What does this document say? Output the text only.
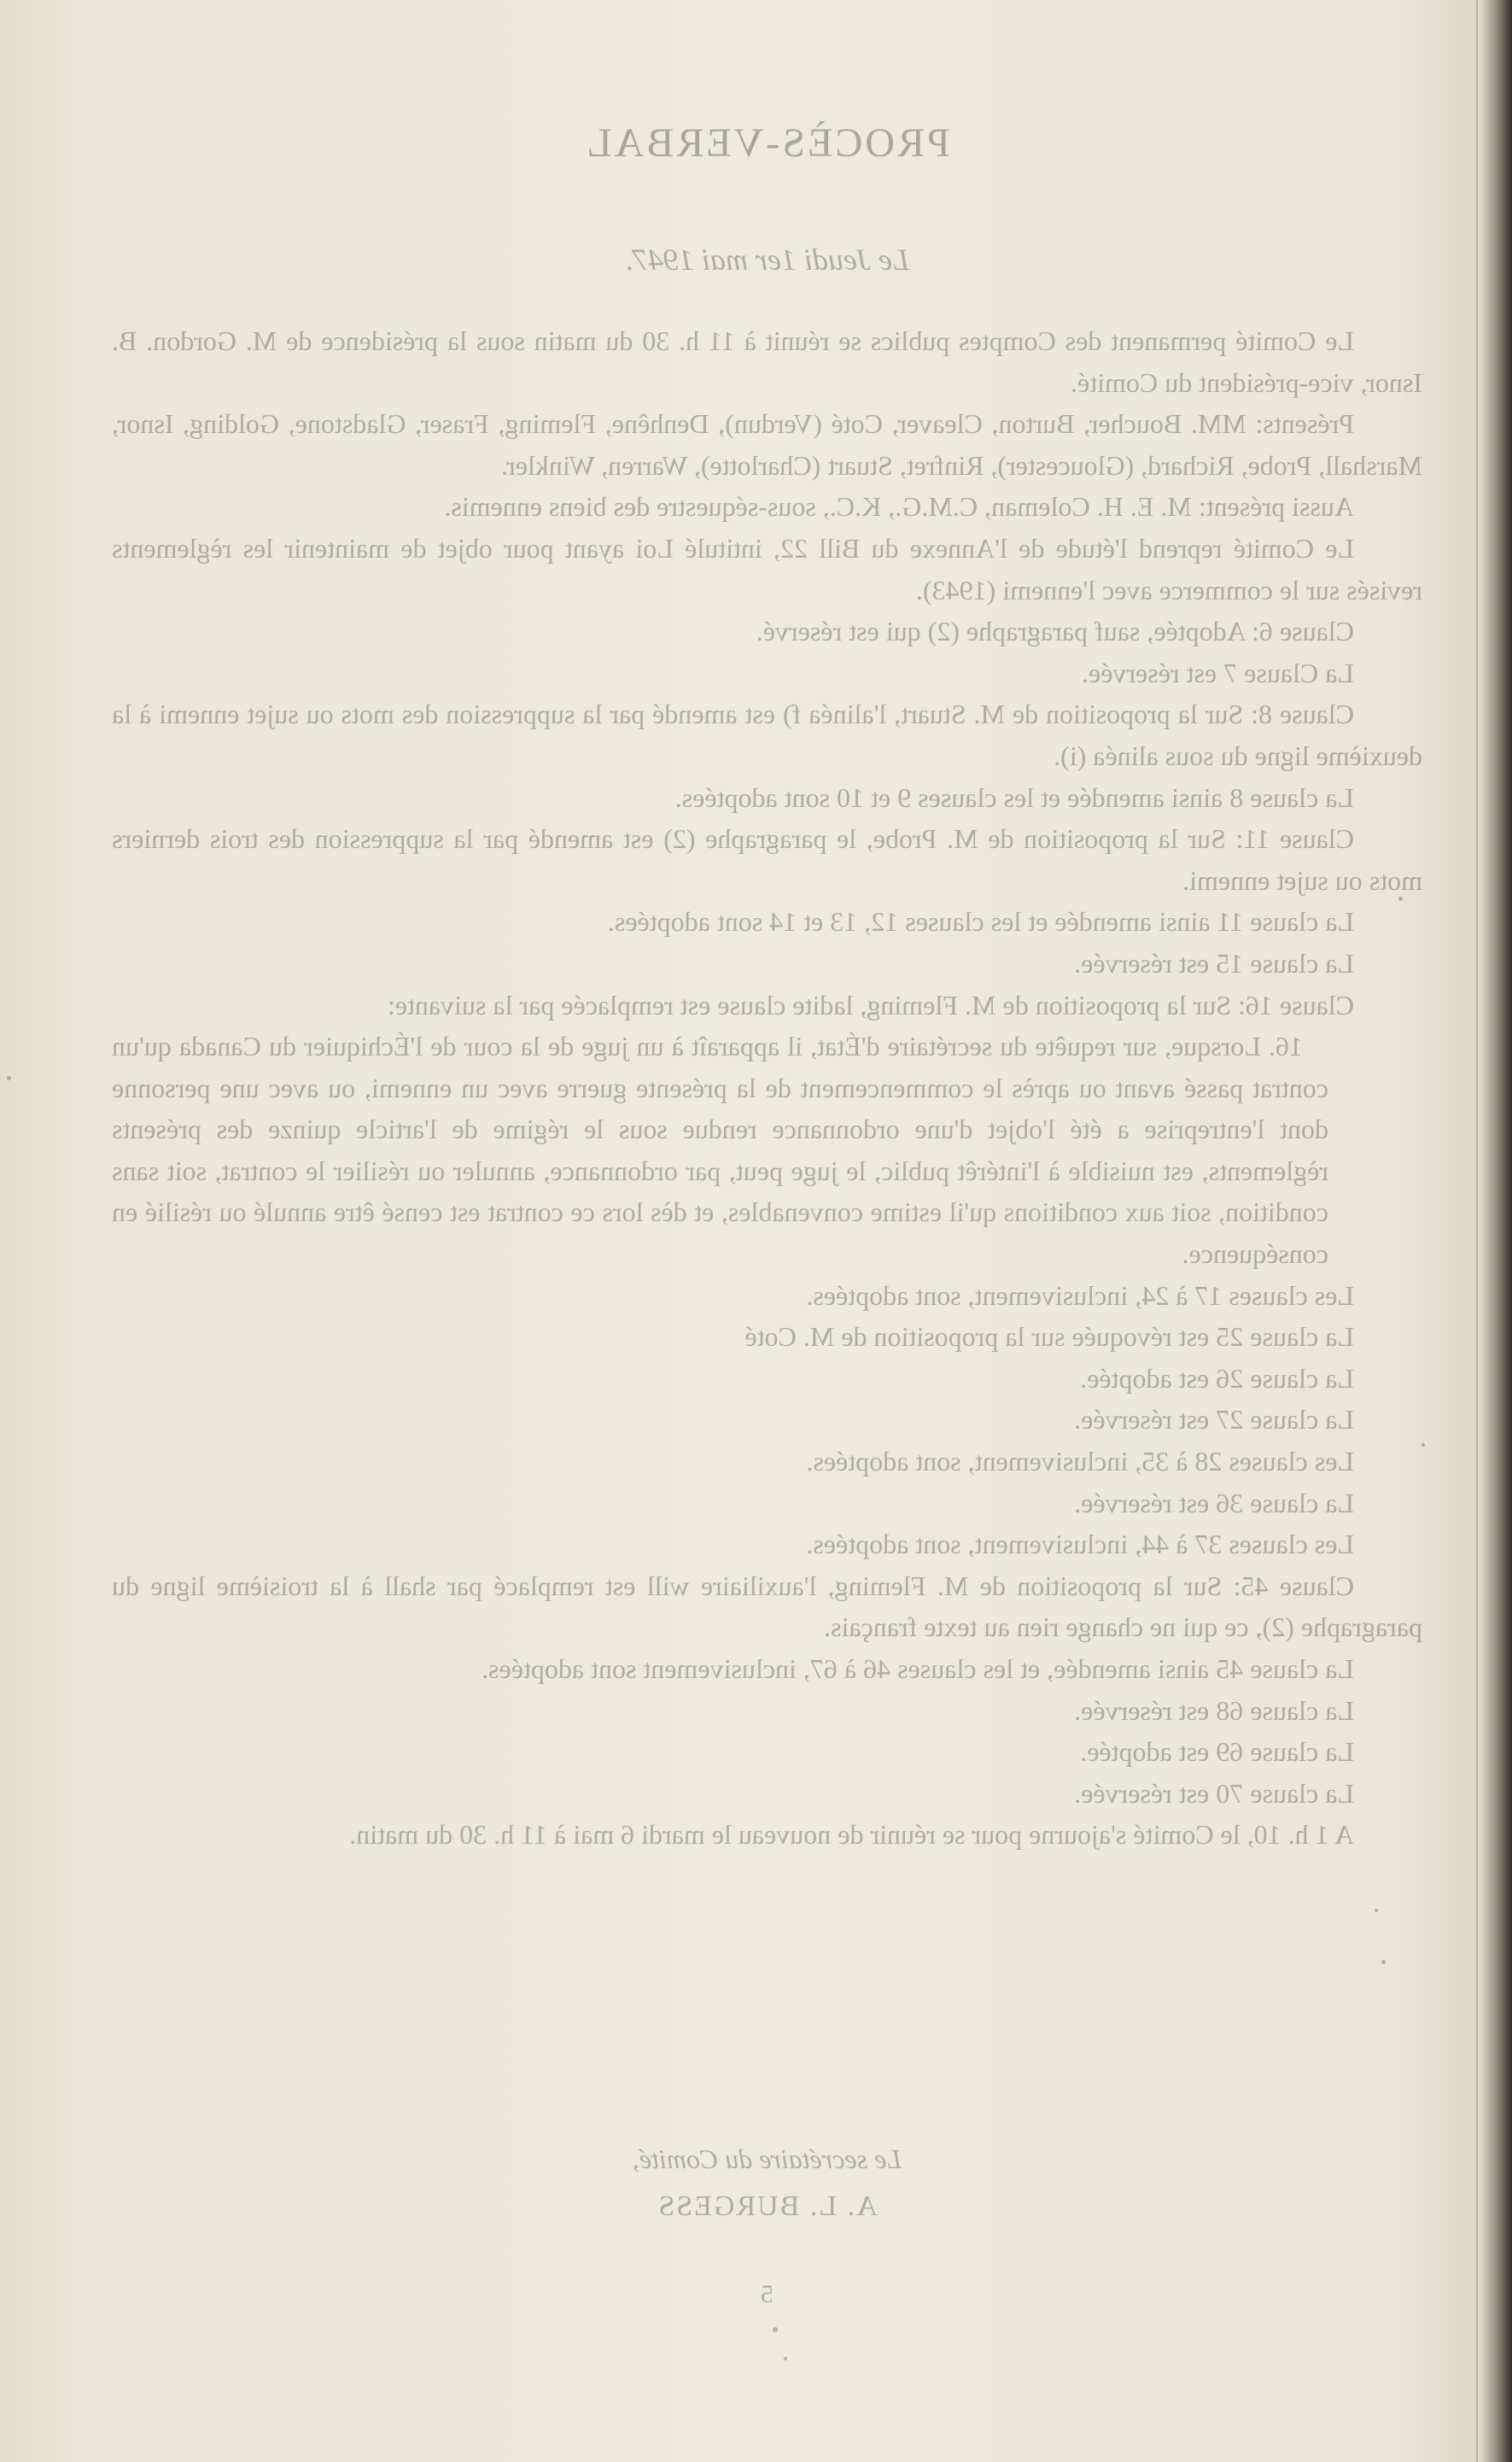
PROCÈS-VERBAL
Le Jeudi 1er mai 1947.

Le Comité permanent des Comptes publics se réunit à 11 h. 30 du matin sous la présidence de M. Gordon. B. Isnor, vice-président du Comité.

Présents: MM. Boucher, Burton, Cleaver, Coté (Verdun), Denhêne, Fleming, Fraser, Gladstone, Golding, Isnor, Marshall, Probe, Richard, (Gloucester), Rinfret, Stuart (Charlotte), Warren, Winkler.

Aussi présent: M. E. H. Coleman, C.M.G., K.C., sous-séquestre des biens ennemis.

Le Comité reprend l'étude de l'Annexe du Bill 22, intitulé Loi ayant pour objet de maintenir les règlements revisés sur le commerce avec l'ennemi (1943).

Clause 6: Adoptée, sauf paragraphe (2) qui est réservé.

La Clause 7 est réservée.

Clause 8: Sur la proposition de M. Stuart, l'alinéa f) est amendé par la suppression des mots ou sujet ennemi à la deuxième ligne du sous alinéa (i).

La clause 8 ainsi amendée et les clauses 9 et 10 sont adoptées.

Clause 11: Sur la proposition de M. Probe, le paragraphe (2) est amendé par la suppression des trois derniers mots ou sujet ennemi.

La clause 11 ainsi amendée et les clauses 12, 13 et 14 sont adoptées.

La clause 15 est réservée.

Clause 16: Sur la proposition de M. Fleming, ladite clause est remplacée par la suivante:

16. Lorsque, sur requête du secrétaire d'État, il apparaît à un juge de la cour de l'Échiquier du Canada qu'un contrat passé avant ou après le commencement de la présente guerre avec un ennemi, ou avec une personne dont l'entreprise a été l'objet d'une ordonnance rendue sous le régime de l'article quinze des présents règlements, est nuisible à l'intérêt public, le juge peut, par ordonnance, annuler ou résilier le contrat, soit sans condition, soit aux conditions qu'il estime convenables, et dès lors ce contrat est censé être annulé ou résilié en conséquence.

Les clauses 17 à 24, inclusivement, sont adoptées.

La clause 25 est révoquée sur la proposition de M. Coté

La clause 26 est adoptée.

La clause 27 est réservée.

Les clauses 28 à 35, inclusivement, sont adoptées.

La clause 36 est réservée.

Les clauses 37 à 44, inclusivement, sont adoptées.

Clause 45: Sur la proposition de M. Fleming, l'auxiliaire will est remplacé par shall à la troisième ligne du paragraphe (2), ce qui ne change rien au texte français.

La clause 45 ainsi amendée, et les clauses 46 à 67, inclusivement sont adoptées.

La clause 68 est réservée.

La clause 69 est adoptée.

La clause 70 est réservée.

A 1 h. 10, le Comité s'ajourne pour se réunir de nouveau le mardi 6 mai à 11 h. 30 du matin.

Le secrétaire du Comité,
A. L. BURGESS
5
